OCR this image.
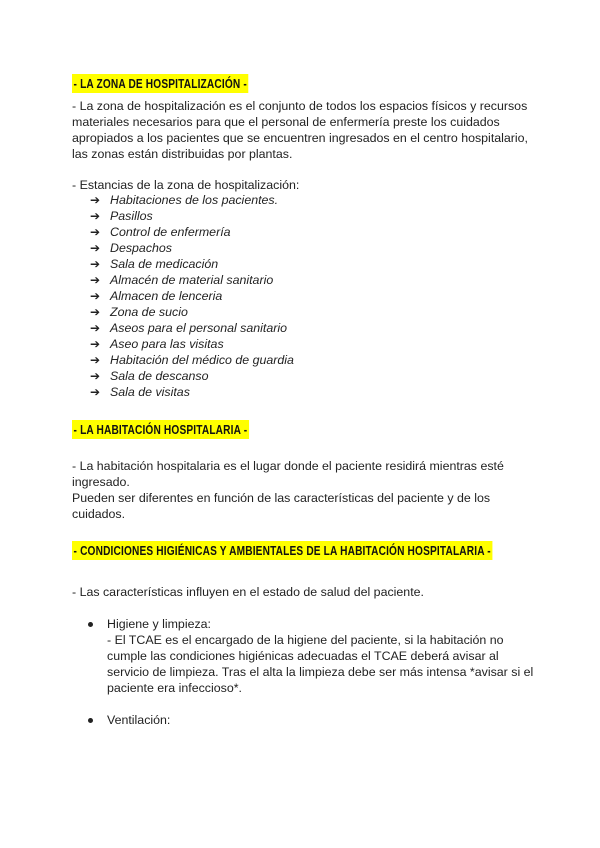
- LA ZONA DE HOSPITALIZACIÓN -

- La zona de hospitalización es el conjunto de todos los espacios físicos y recursos
materiales necesarios para que el personal de enfermería preste los cuidados
apropiados a los pacientes que se encuentren ingresados en el centro hospitalario,
las zonas están distribuidas por plantas.

- Estancias de la zona de hospitalización:

➔ Habitaciones de los pacientes.
➔ Pasillos
➔ Control de enfermería
➔ Despachos
➔ Sala de medicación
➔ Almacén de material sanitario
➔ Almacen de lenceria
➔ Zona de sucio
➔ Aseos para el personal sanitario
➔ Aseo para las visitas
➔ Habitación del médico de guardia
➔ Sala de descanso
➔ Sala de visitas
- LA HABITACIÓN HOSPITALARIA -

- La habitación hospitalaria es el lugar donde el paciente residirá mientras esté
ingresado.
Pueden ser diferentes en función de las características del paciente y de los
cuidados.

- CONDICIONES HIGIÉNICAS Y AMBIENTALES DE LA HABITACIÓN HOSPITALARIA -

- Las características influyen en el estado de salud del paciente.

Higiene y limpieza:
- El TCAE es el encargado de la higiene del paciente, si la habitación no
cumple las condiciones higiénicas adecuadas el TCAE deberá avisar al
servicio de limpieza. Tras el alta la limpieza debe ser más intensa *avisar si el
paciente era infeccioso*.
Ventilación:
